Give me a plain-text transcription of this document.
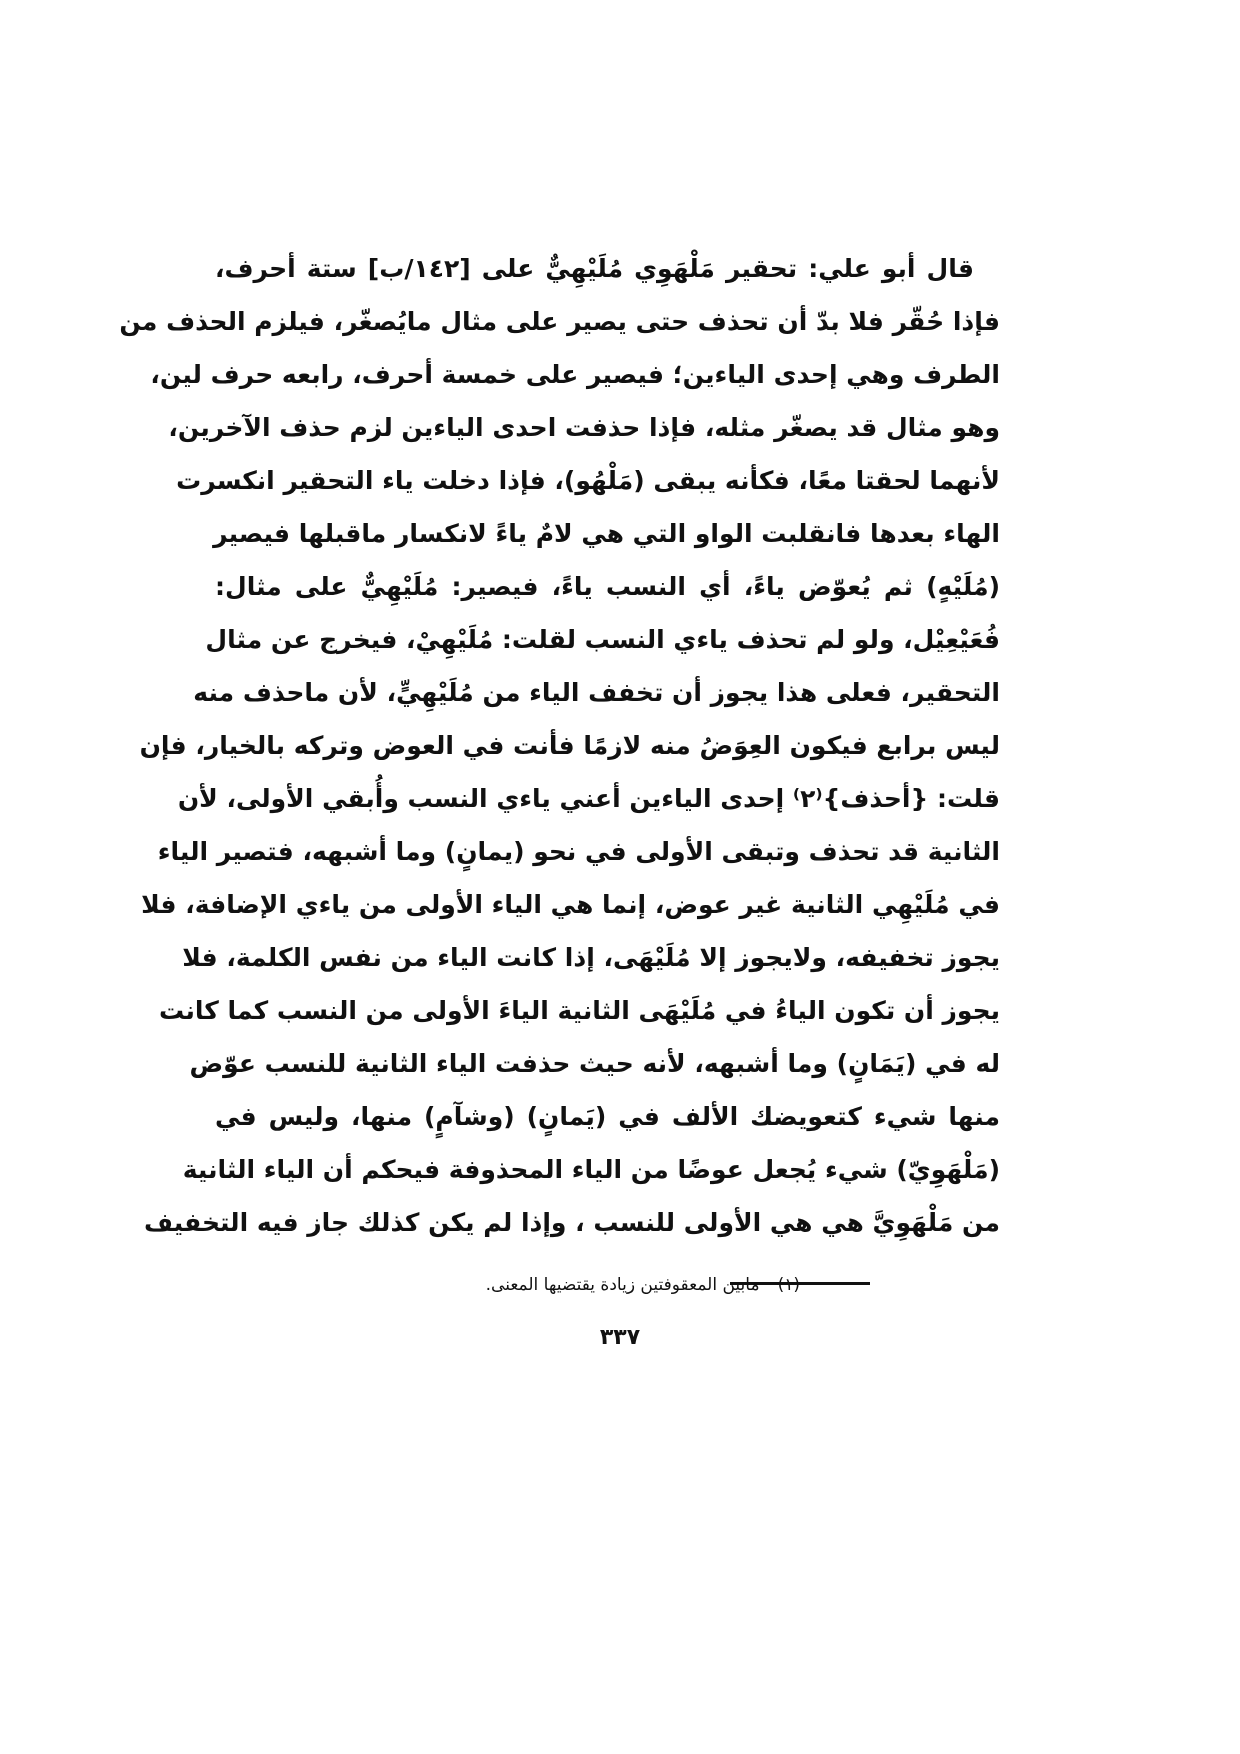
قال أبو علي: تحقير مَلْهَوِي مُلَيْهِيٌّ على [١٤٢/ب] ستة أحرف،
فإذا حُقّر فلا بدّ أن تحذف حتى يصير على مثال مايُصغّر، فيلزم الحذف من
الطرف وهي إحدى الياءين؛ فيصير على خمسة أحرف، رابعه حرف لين،
وهو مثال قد يصغّر مثله، فإذا حذفت احدى الياءين لزم حذف الآخرين،
لأنهما لحقتا معًا، فكأنه يبقى (مَلْهُو)، فإذا دخلت ياء التحقير انكسرت
الهاء بعدها فانقلبت الواو التي هي لامٌ ياءً لانكسار ماقبلها فيصير
(مُلَيْهٍ) ثم يُعوّض ياءً، أي النسب ياءً، فيصير: مُلَيْهِيٌّ على مثال:
فُعَيْعِيْل، ولو لم تحذف ياءي النسب لقلت: مُلَيْهِيْ، فيخرج عن مثال
التحقير، فعلى هذا يجوز أن تخفف الياء من مُلَيْهِيٍّ، لأن ماحذف منه
ليس برابع فيكون العِوَضُ منه لازمًا فأنت في العوض وتركه بالخيار، فإن
قلت: {أحذف}⁽٢⁾ إحدى الياءين أعني ياءي النسب وأُبقي الأولى، لأن
الثانية قد تحذف وتبقى الأولى في نحو (يمانٍ) وما أشبهه، فتصير الياء
في مُلَيْهِي الثانية غير عوض، إنما هي الياء الأولى من ياءي الإضافة، فلا
يجوز تخفيفه، ولايجوز إلا مُلَيْهَى، إذا كانت الياء من نفس الكلمة، فلا
يجوز أن تكون الياءُ في مُلَيْهَى الثانية الياءَ الأولى من النسب كما كانت
له في (يَمَانٍ) وما أشبهه، لأنه حيث حذفت الياء الثانية للنسب عوّض
منها شيء كتعويضك الألف في (يَمانٍ) (وشآمٍ) منها، وليس في
(مَلْهَوِيّ) شيء يُجعل عوضًا من الياء المحذوفة فيحكم أن الياء الثانية
من مَلْهَوِيَّ هي هي الأولى للنسب ، وإذا لم يكن كذلك جاز فيه التخفيف
(١)مابين المعقوفتين زيادة يقتضيها المعنى.
٣٣٧
